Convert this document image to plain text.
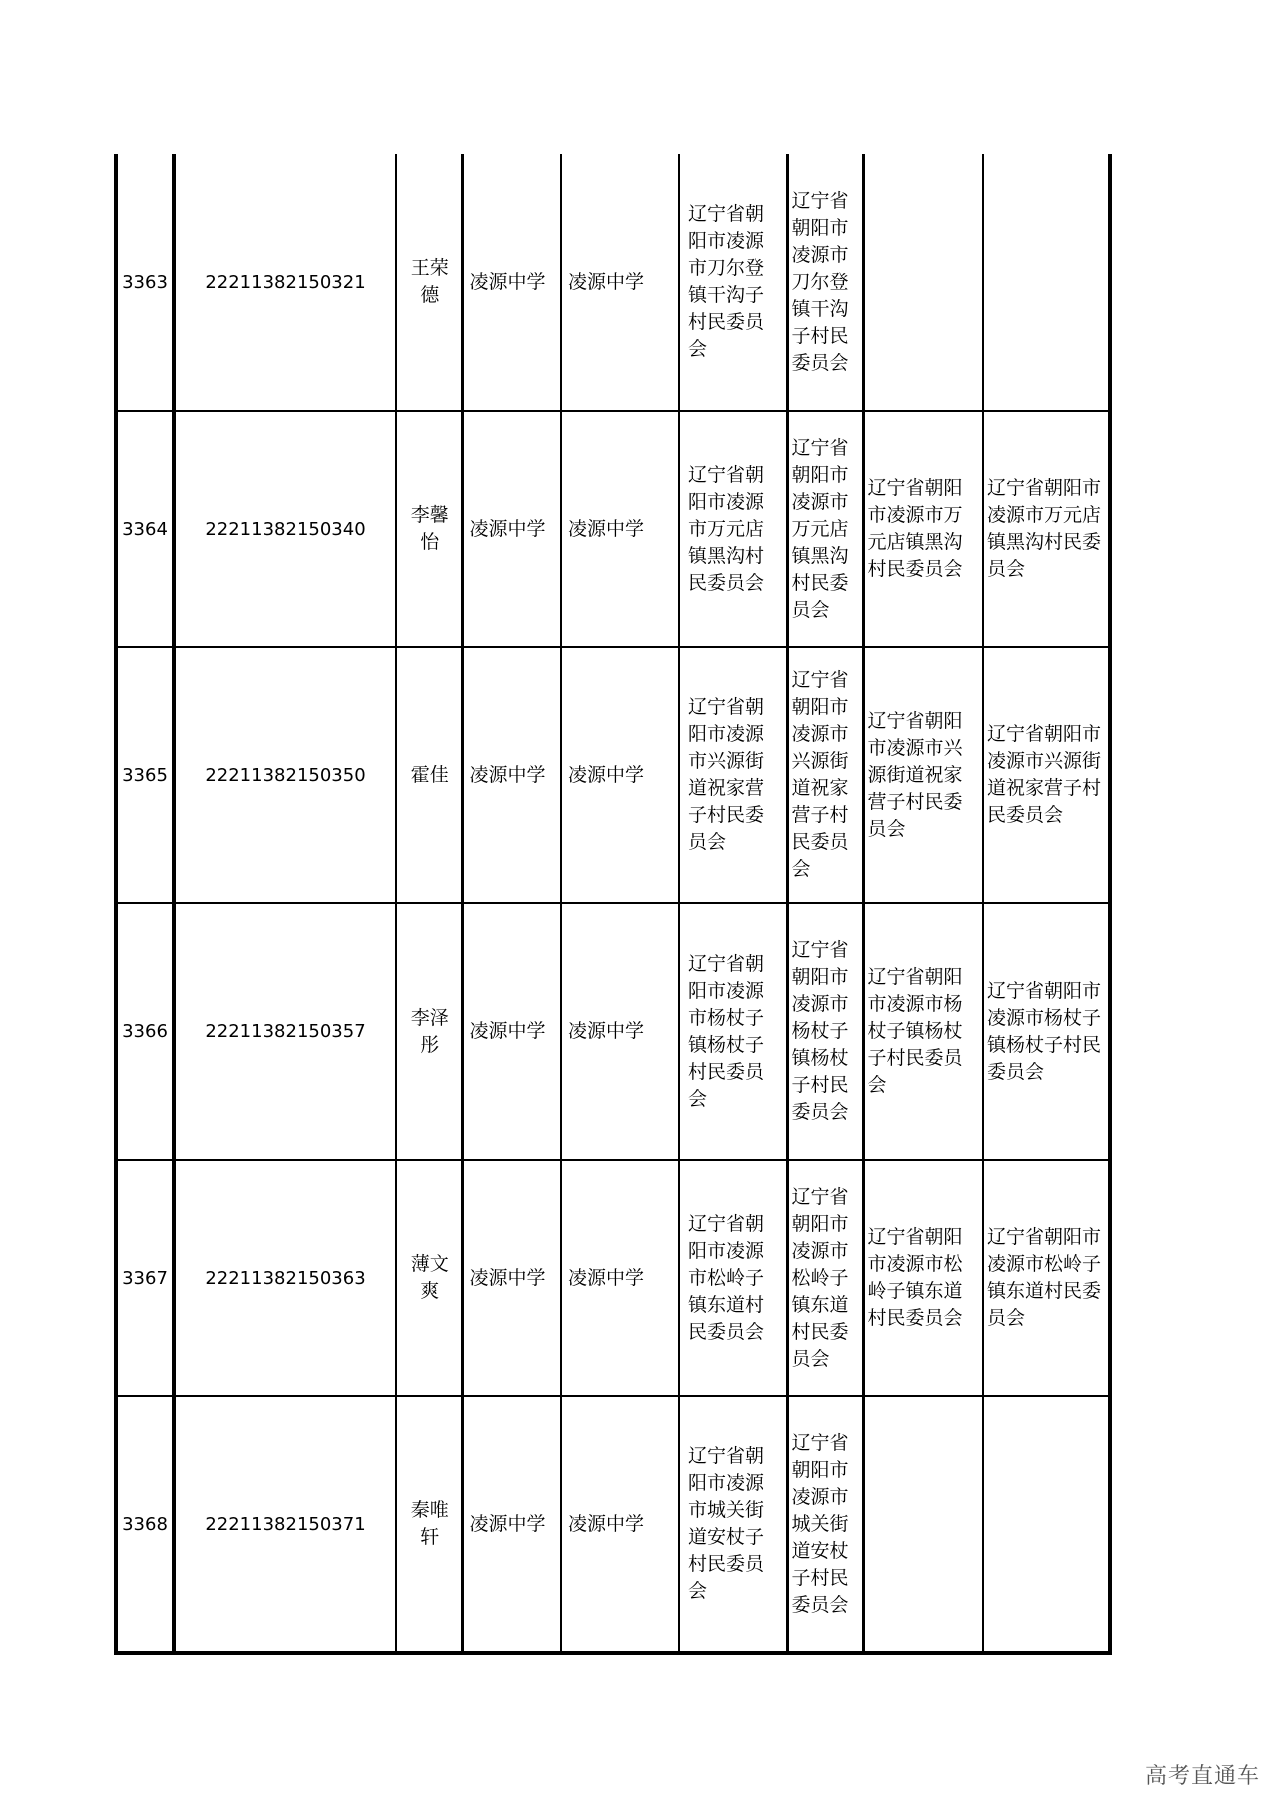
3363	22211382150321	王荣德	凌源中学	凌源中学	辽宁省朝阳市凌源市刀尔登镇干沟子村民委员会	辽宁省朝阳市凌源市刀尔登镇干沟子村民委员会		
3364	22211382150340	李馨怡	凌源中学	凌源中学	辽宁省朝阳市凌源市万元店镇黑沟村民委员会	辽宁省朝阳市凌源市万元店镇黑沟村民委员会	辽宁省朝阳市凌源市万元店镇黑沟村民委员会	辽宁省朝阳市凌源市万元店镇黑沟村民委员会
3365	22211382150350	霍佳	凌源中学	凌源中学	辽宁省朝阳市凌源市兴源街道祝家营子村民委员会	辽宁省朝阳市凌源市兴源街道祝家营子村民委员会	辽宁省朝阳市凌源市兴源街道祝家营子村民委员会	辽宁省朝阳市凌源市兴源街道祝家营子村民委员会
3366	22211382150357	李泽彤	凌源中学	凌源中学	辽宁省朝阳市凌源市杨杖子镇杨杖子村民委员会	辽宁省朝阳市凌源市杨杖子镇杨杖子村民委员会	辽宁省朝阳市凌源市杨杖子镇杨杖子村民委员会	辽宁省朝阳市凌源市杨杖子镇杨杖子村民委员会
3367	22211382150363	薄文爽	凌源中学	凌源中学	辽宁省朝阳市凌源市松岭子镇东道村民委员会	辽宁省朝阳市凌源市松岭子镇东道村民委员会	辽宁省朝阳市凌源市松岭子镇东道村民委员会	辽宁省朝阳市凌源市松岭子镇东道村民委员会
3368	22211382150371	秦唯轩	凌源中学	凌源中学	辽宁省朝阳市凌源市城关街道安杖子村民委员会	辽宁省朝阳市凌源市城关街道安杖子村民委员会		
高考直通车
